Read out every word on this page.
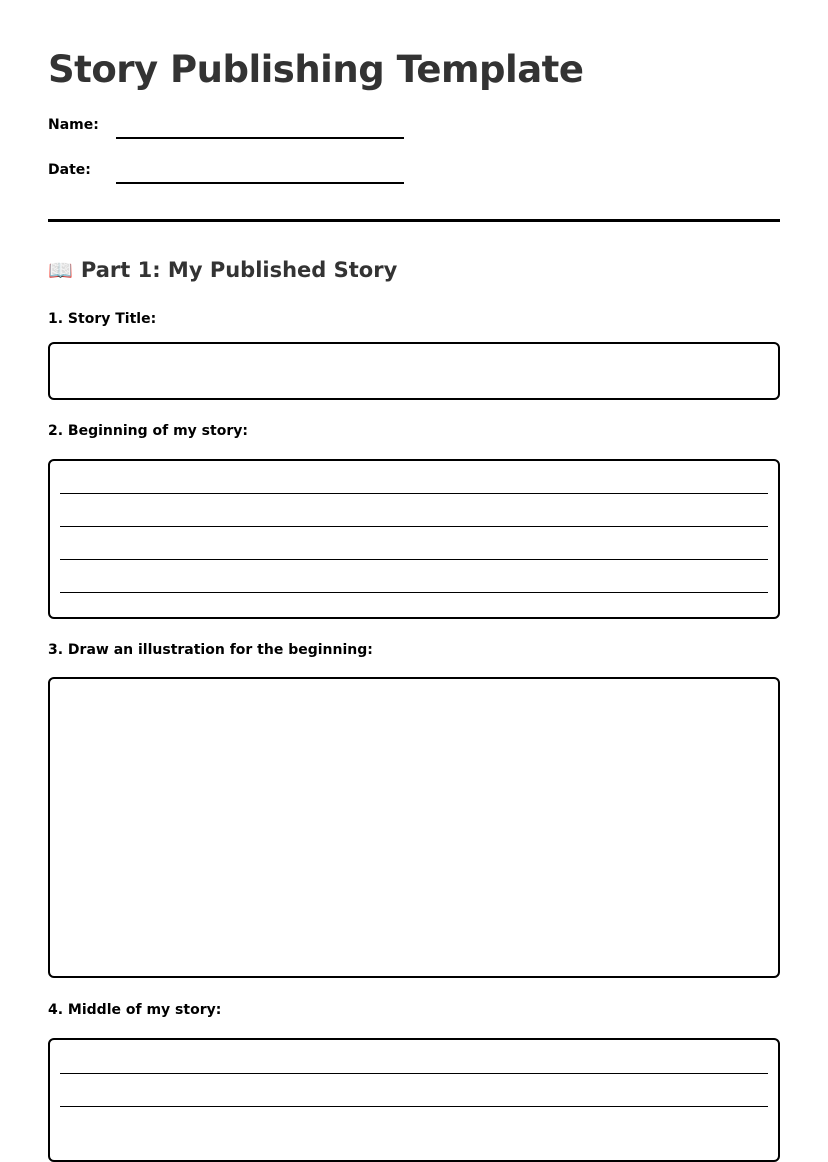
Story Publishing Template
Name:
Date:
📖 Part 1: My Published Story
1. Story Title:
2. Beginning of my story:
3. Draw an illustration for the beginning:
4. Middle of my story:
